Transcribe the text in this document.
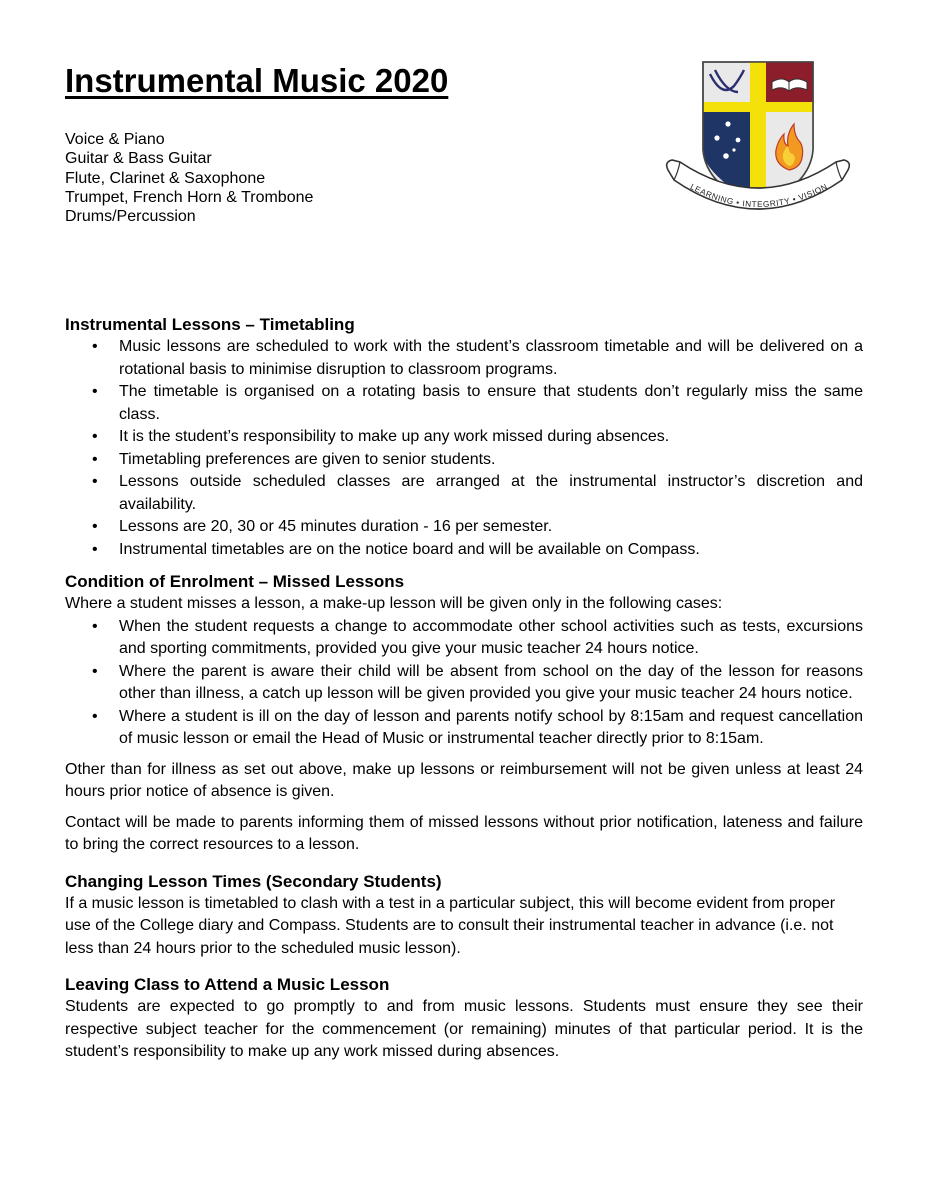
Instrumental Music 2020
Voice & Piano
Guitar & Bass Guitar
Flute, Clarinet & Saxophone
Trumpet, French Horn & Trombone
Drums/Percussion
LEARNING • INTEGRITY • VISION
Instrumental Lessons – Timetabling
• Music lessons are scheduled to work with the student’s classroom timetable and will be delivered on a rotational basis to minimise disruption to classroom programs.
• The timetable is organised on a rotating basis to ensure that students don’t regularly miss the same class.
• It is the student’s responsibility to make up any work missed during absences.
• Timetabling preferences are given to senior students.
• Lessons outside scheduled classes are arranged at the instrumental instructor’s discretion and availability.
• Lessons are 20, 30 or 45 minutes duration - 16 per semester.
• Instrumental timetables are on the notice board and will be available on Compass.
Condition of Enrolment – Missed Lessons

Where a student misses a lesson, a make-up lesson will be given only in the following cases:

• When the student requests a change to accommodate other school activities such as tests, excursions and sporting commitments, provided you give your music teacher 24 hours notice.
• Where the parent is aware their child will be absent from school on the day of the lesson for reasons other than illness, a catch up lesson will be given provided you give your music teacher 24 hours notice.
• Where a student is ill on the day of lesson and parents notify school by 8:15am and request cancellation of music lesson or email the Head of Music or instrumental teacher directly prior to 8:15am.

Other than for illness as set out above, make up lessons or reimbursement will not be given unless at least 24 hours prior notice of absence is given.

Contact will be made to parents informing them of missed lessons without prior notification, lateness and failure to bring the correct resources to a lesson.

Changing Lesson Times (Secondary Students)

If a music lesson is timetabled to clash with a test in a particular subject, this will become evident from proper use of the College diary and Compass. Students are to consult their instrumental teacher in advance (i.e. not less than 24 hours prior to the scheduled music lesson).

Leaving Class to Attend a Music Lesson

Students are expected to go promptly to and from music lessons. Students must ensure they see their respective subject teacher for the commencement (or remaining) minutes of that particular period. It is the student’s responsibility to make up any work missed during absences.
